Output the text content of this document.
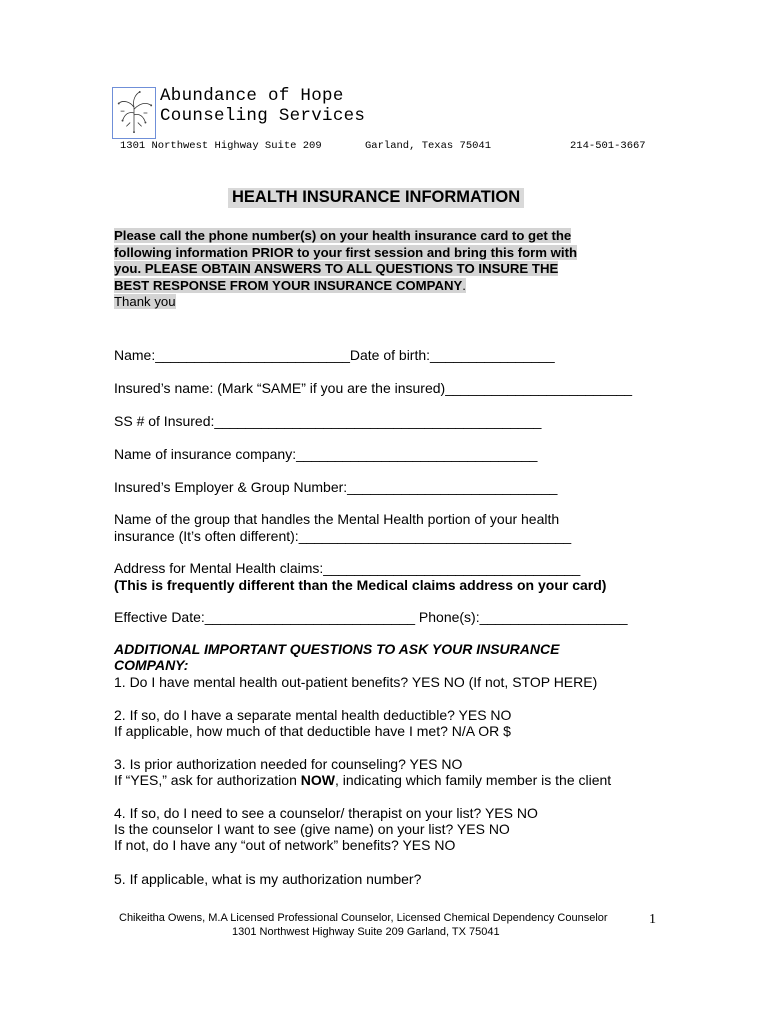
Abundance of Hope
Counseling Services
1301 Northwest Highway Suite 209	Garland, Texas 75041	214-501-3667
HEALTH INSURANCE INFORMATION
Please call the phone number(s) on your health insurance card to get the
following information PRIOR to your first session and bring this form with
you. PLEASE OBTAIN ANSWERS TO ALL QUESTIONS TO INSURE THE
BEST RESPONSE FROM YOUR INSURANCE COMPANY.
Thank you
Name:_________________________Date of birth:________________
Insured’s name: (Mark “SAME” if you are the insured)________________________
SS # of Insured:__________________________________________
Name of insurance company:_______________________________
Insured’s Employer & Group Number:___________________________
Name of the group that handles the Mental Health portion of your health
insurance (It’s often different):___________________________________
Address for Mental Health claims:_________________________________
(This is frequently different than the Medical claims address on your card)
Effective Date:___________________________ Phone(s):___________________
ADDITIONAL IMPORTANT QUESTIONS TO ASK YOUR INSURANCE
COMPANY:
1. Do I have mental health out-patient benefits? YES NO (If not, STOP HERE)
2. If so, do I have a separate mental health deductible? YES NO
If applicable, how much of that deductible have I met? N/A OR $
3. Is prior authorization needed for counseling? YES NO
If “YES,” ask for authorization NOW, indicating which family member is the client
4. If so, do I need to see a counselor/ therapist on your list? YES NO
Is the counselor I want to see (give name) on your list? YES NO
If not, do I have any “out of network” benefits? YES NO
5. If applicable, what is my authorization number?
Chikeitha Owens, M.A Licensed Professional Counselor, Licensed Chemical Dependency Counselor
1301 Northwest Highway Suite 209 Garland, TX 75041
1
